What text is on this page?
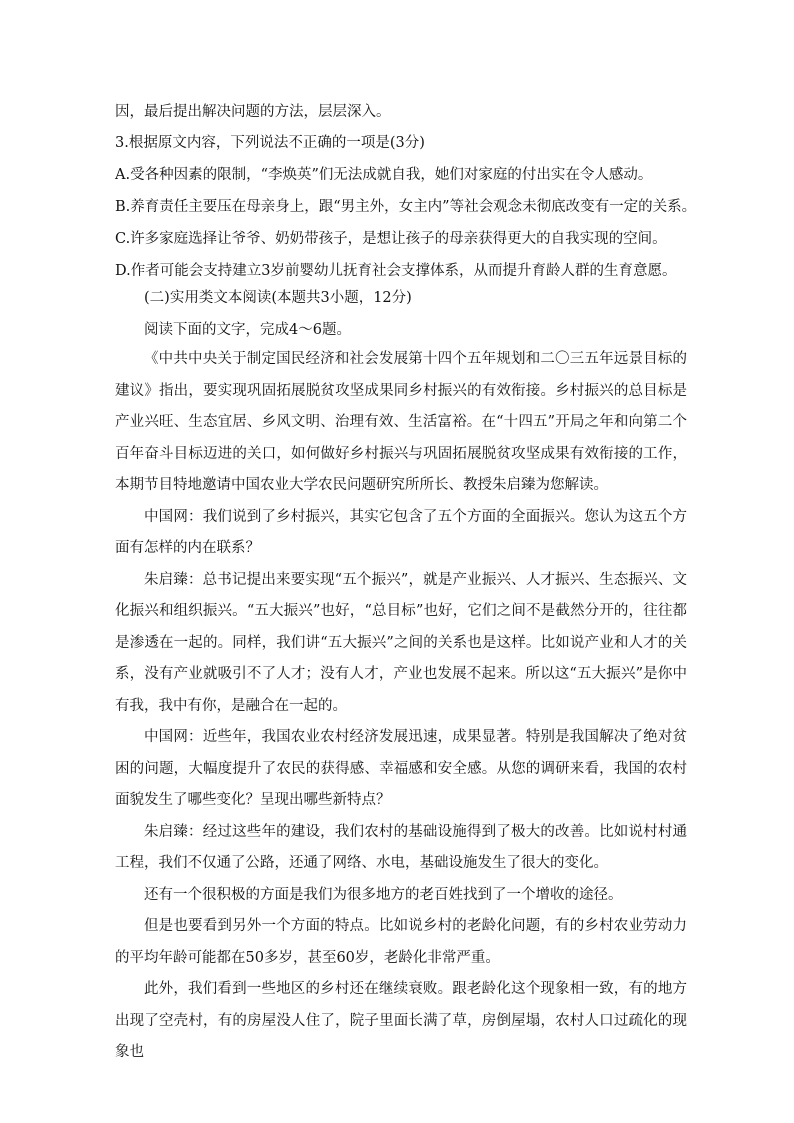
因，最后提出解决问题的方法，层层深入。

3.根据原文内容，下列说法不正确的一项是(3分)

A.受各种因素的限制，“李焕英”们无法成就自我，她们对家庭的付出实在令人感动。

B.养育责任主要压在母亲身上，跟“男主外，女主内”等社会观念未彻底改变有一定的关系。

C.许多家庭选择让爷爷、奶奶带孩子，是想让孩子的母亲获得更大的自我实现的空间。

D.作者可能会支持建立3岁前婴幼儿抚育社会支撑体系，从而提升育龄人群的生育意愿。

(二)实用类文本阅读(本题共3小题，12分)

阅读下面的文字，完成4～6题。

《中共中央关于制定国民经济和社会发展第十四个五年规划和二〇三五年远景目标的建议》指出，要实现巩固拓展脱贫攻坚成果同乡村振兴的有效衔接。乡村振兴的总目标是产业兴旺、生态宜居、乡风文明、治理有效、生活富裕。在“十四五”开局之年和向第二个百年奋斗目标迈进的关口，如何做好乡村振兴与巩固拓展脱贫攻坚成果有效衔接的工作，本期节目特地邀请中国农业大学农民问题研究所所长、教授朱启臻为您解读。

中国网：我们说到了乡村振兴，其实它包含了五个方面的全面振兴。您认为这五个方面有怎样的内在联系？

朱启臻：总书记提出来要实现“五个振兴”，就是产业振兴、人才振兴、生态振兴、文化振兴和组织振兴。“五大振兴”也好，“总目标”也好，它们之间不是截然分开的，往往都是渗透在一起的。同样，我们讲“五大振兴”之间的关系也是这样。比如说产业和人才的关系，没有产业就吸引不了人才；没有人才，产业也发展不起来。所以这“五大振兴”是你中有我，我中有你，是融合在一起的。

中国网：近些年，我国农业农村经济发展迅速，成果显著。特别是我国解决了绝对贫困的问题，大幅度提升了农民的获得感、幸福感和安全感。从您的调研来看，我国的农村面貌发生了哪些变化？呈现出哪些新特点？

朱启臻：经过这些年的建设，我们农村的基础设施得到了极大的改善。比如说村村通工程，我们不仅通了公路，还通了网络、水电，基础设施发生了很大的变化。

还有一个很积极的方面是我们为很多地方的老百姓找到了一个增收的途径。

但是也要看到另外一个方面的特点。比如说乡村的老龄化问题，有的乡村农业劳动力的平均年龄可能都在50多岁，甚至60岁，老龄化非常严重。

此外，我们看到一些地区的乡村还在继续衰败。跟老龄化这个现象相一致，有的地方出现了空壳村，有的房屋没人住了，院子里面长满了草，房倒屋塌，农村人口过疏化的现象也
